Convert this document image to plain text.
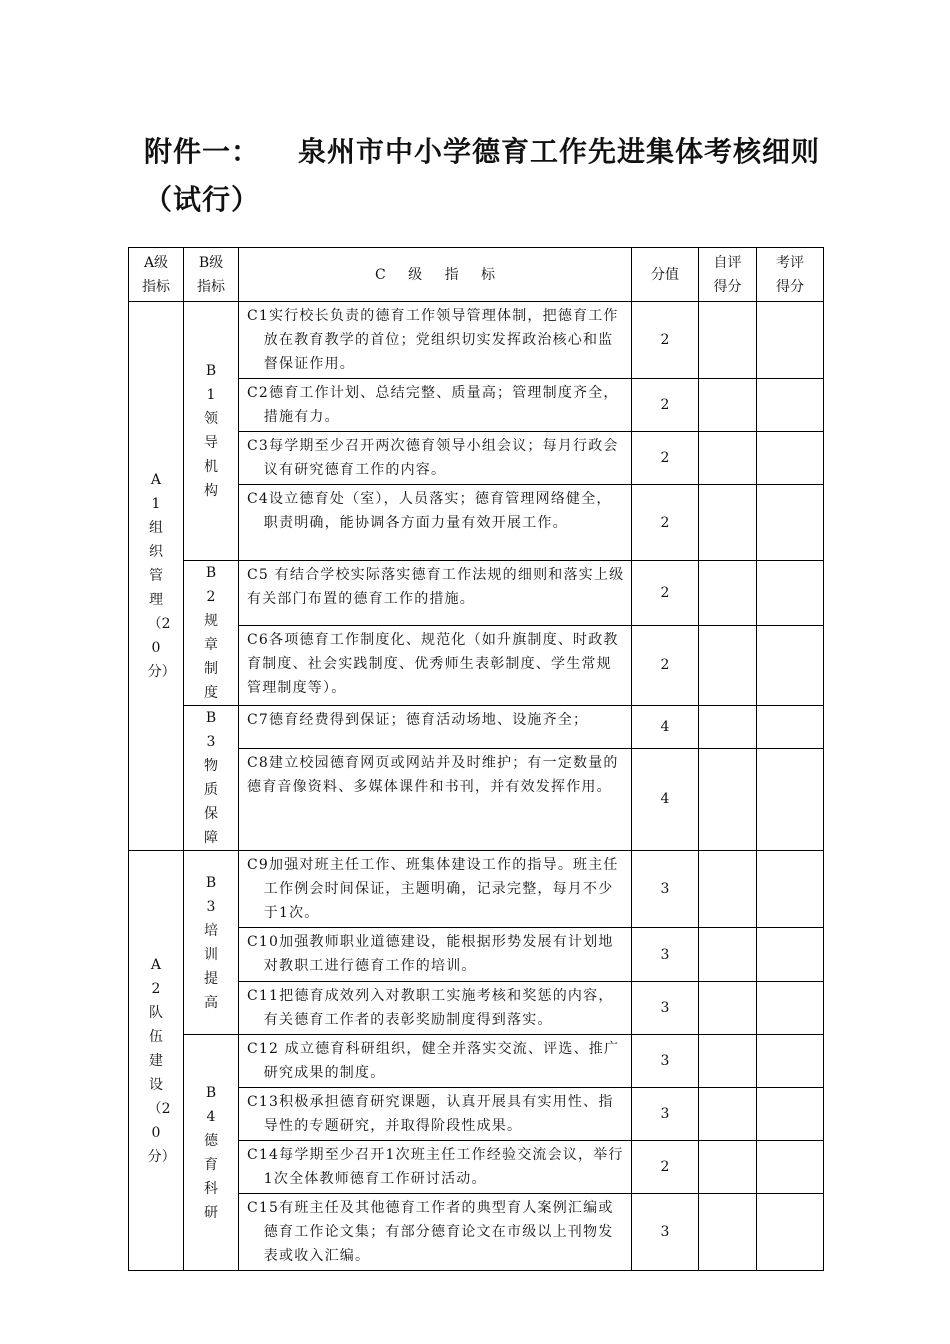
附件一： 泉州市中小学德育工作先进集体考核细则（试行）
A级指标	B级指标	C 级 指 标	分值	自评得分	考评得分
A1组织管理（20分）	B1领导机构	C1实行校长负责的德育工作领导管理体制，把德育工作放在教育教学的首位；党组织切实发挥政治核心和监督保证作用。	2		

		C2德育工作计划、总结完整、质量高；管理制度齐全，措施有力。	2		

		C3每学期至少召开两次德育领导小组会议；每月行政会议有研究德育工作的内容。	2		

		C4设立德育处（室），人员落实；德育管理网络健全，职责明确，能协调各方面力量有效开展工作。	2		
	B2规章制度	C5 有结合学校实际落实德育工作法规的细则和落实上级有关部门布置的德育工作的措施。	2		

		C6各项德育工作制度化、规范化（如升旗制度、时政教育制度、社会实践制度、优秀师生表彰制度、学生常规管理制度等）。	2		
	B3物质保障	C7德育经费得到保证；德育活动场地、设施齐全；	4		

		C8建立校园德育网页或网站并及时维护；有一定数量的德育音像资料、多媒体课件和书刊，并有效发挥作用。	4		
A2队伍建设（20分）	B3培训提高	C9加强对班主任工作、班集体建设工作的指导。班主任工作例会时间保证，主题明确，记录完整，每月不少于1次。	3		

		C10加强教师职业道德建设，能根据形势发展有计划地对教职工进行德育工作的培训。	3		

		C11把德育成效列入对教职工实施考核和奖惩的内容，有关德育工作者的表彰奖励制度得到落实。	3		
	B4德育科研	C12 成立德育科研组织，健全并落实交流、评选、推广研究成果的制度。	3		

		C13积极承担德育研究课题，认真开展具有实用性、指导性的专题研究，并取得阶段性成果。	3		

		C14每学期至少召开1次班主任工作经验交流会议，举行1次全体教师德育工作研讨活动。	2		

		C15有班主任及其他德育工作者的典型育人案例汇编或德育工作论文集；有部分德育论文在市级以上刊物发表或收入汇编。	3		
